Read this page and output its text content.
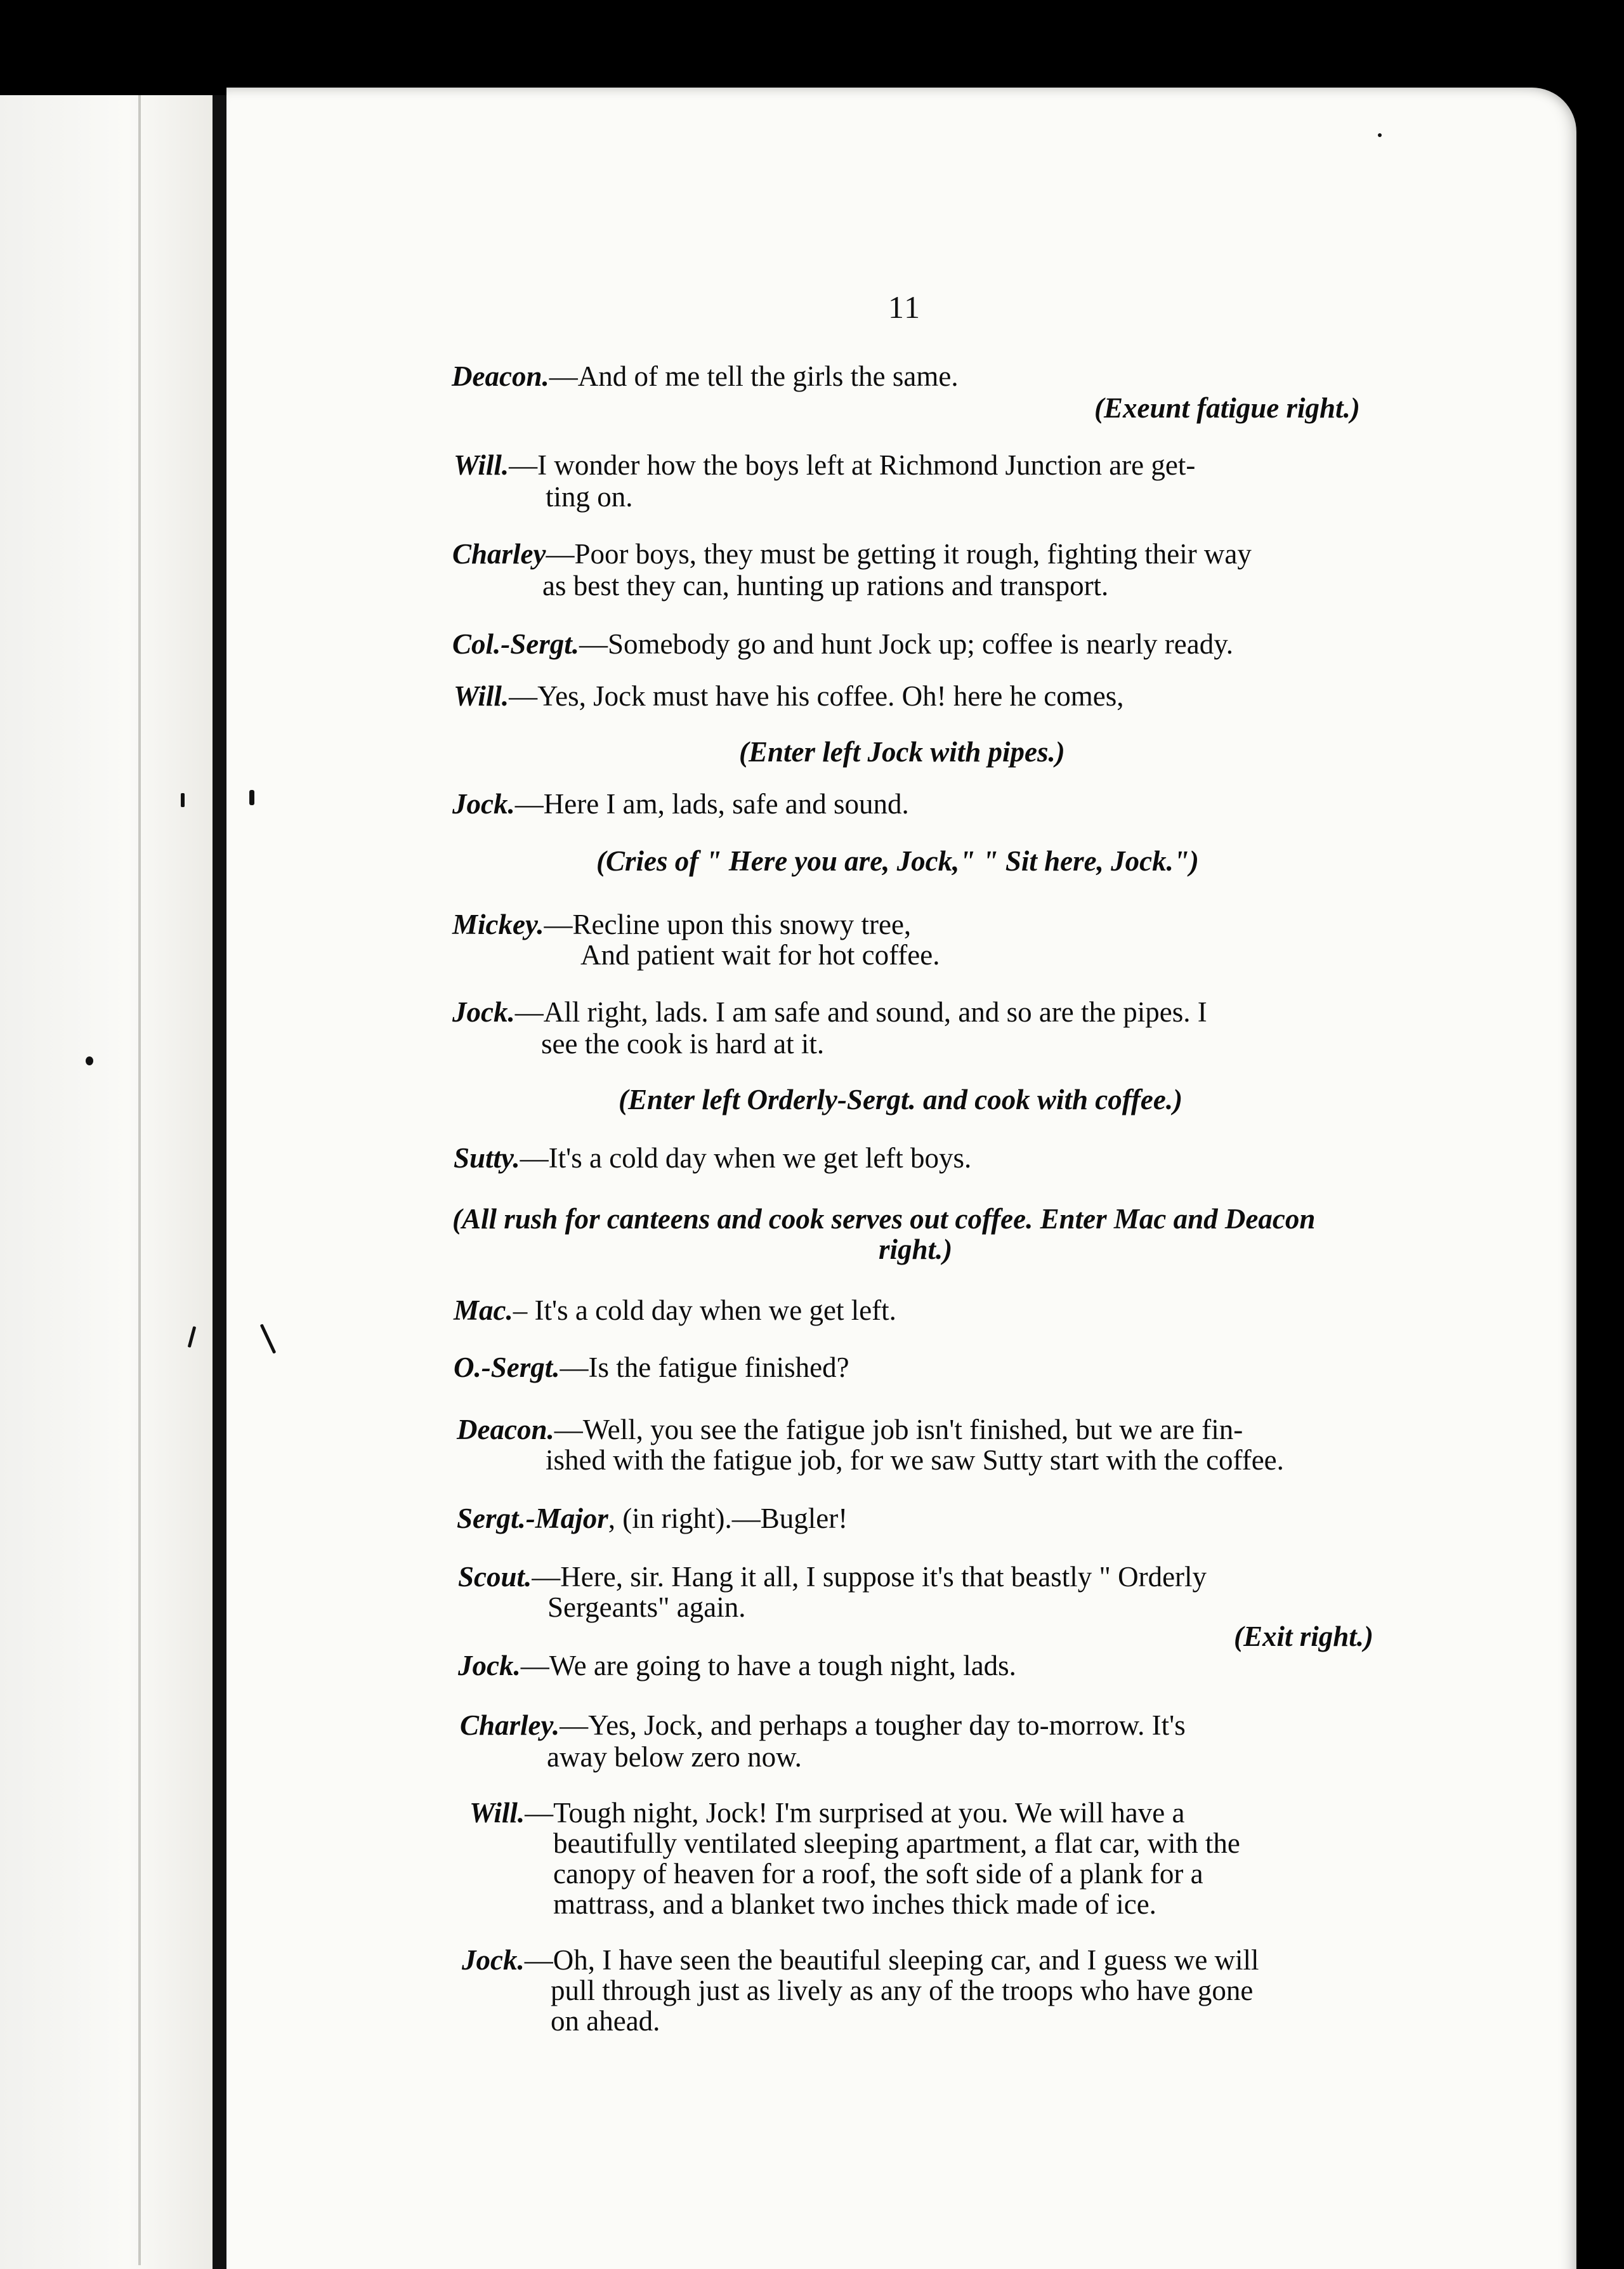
11
Deacon.—And of me tell the girls the same.
(Exeunt fatigue right.)
Will.—I wonder how the boys left at Richmond Junction are get-
ting on.
Charley—Poor boys, they must be getting it rough, fighting their way
as best they can, hunting up rations and transport.
Col.-Sergt.—Somebody go and hunt Jock up; coffee is nearly ready.
Will.—Yes, Jock must have his coffee. Oh! here he comes,
(Enter left Jock with pipes.)
Jock.—Here I am, lads, safe and sound.
(Cries of " Here you are, Jock," " Sit here, Jock.")
Mickey.—Recline upon this snowy tree,
And patient wait for hot coffee.
Jock.—All right, lads. I am safe and sound, and so are the pipes. I
see the cook is hard at it.
(Enter left Orderly-Sergt. and cook with coffee.)
Sutty.—It's a cold day when we get left boys.
(All rush for canteens and cook serves out coffee. Enter Mac and Deacon
right.)
Mac.– It's a cold day when we get left.
O.-Sergt.—Is the fatigue finished?
Deacon.—Well, you see the fatigue job isn't finished, but we are fin-
ished with the fatigue job, for we saw Sutty start with the coffee.
Sergt.-Major, (in right).—Bugler!
Scout.—Here, sir. Hang it all, I suppose it's that beastly " Orderly
Sergeants" again.
(Exit right.)
Jock.—We are going to have a tough night, lads.
Charley.—Yes, Jock, and perhaps a tougher day to-morrow. It's
away below zero now.
Will.—Tough night, Jock! I'm surprised at you. We will have a
beautifully ventilated sleeping apartment, a flat car, with the
canopy of heaven for a roof, the soft side of a plank for a
mattrass, and a blanket two inches thick made of ice.
Jock.—Oh, I have seen the beautiful sleeping car, and I guess we will
pull through just as lively as any of the troops who have gone
on ahead.
